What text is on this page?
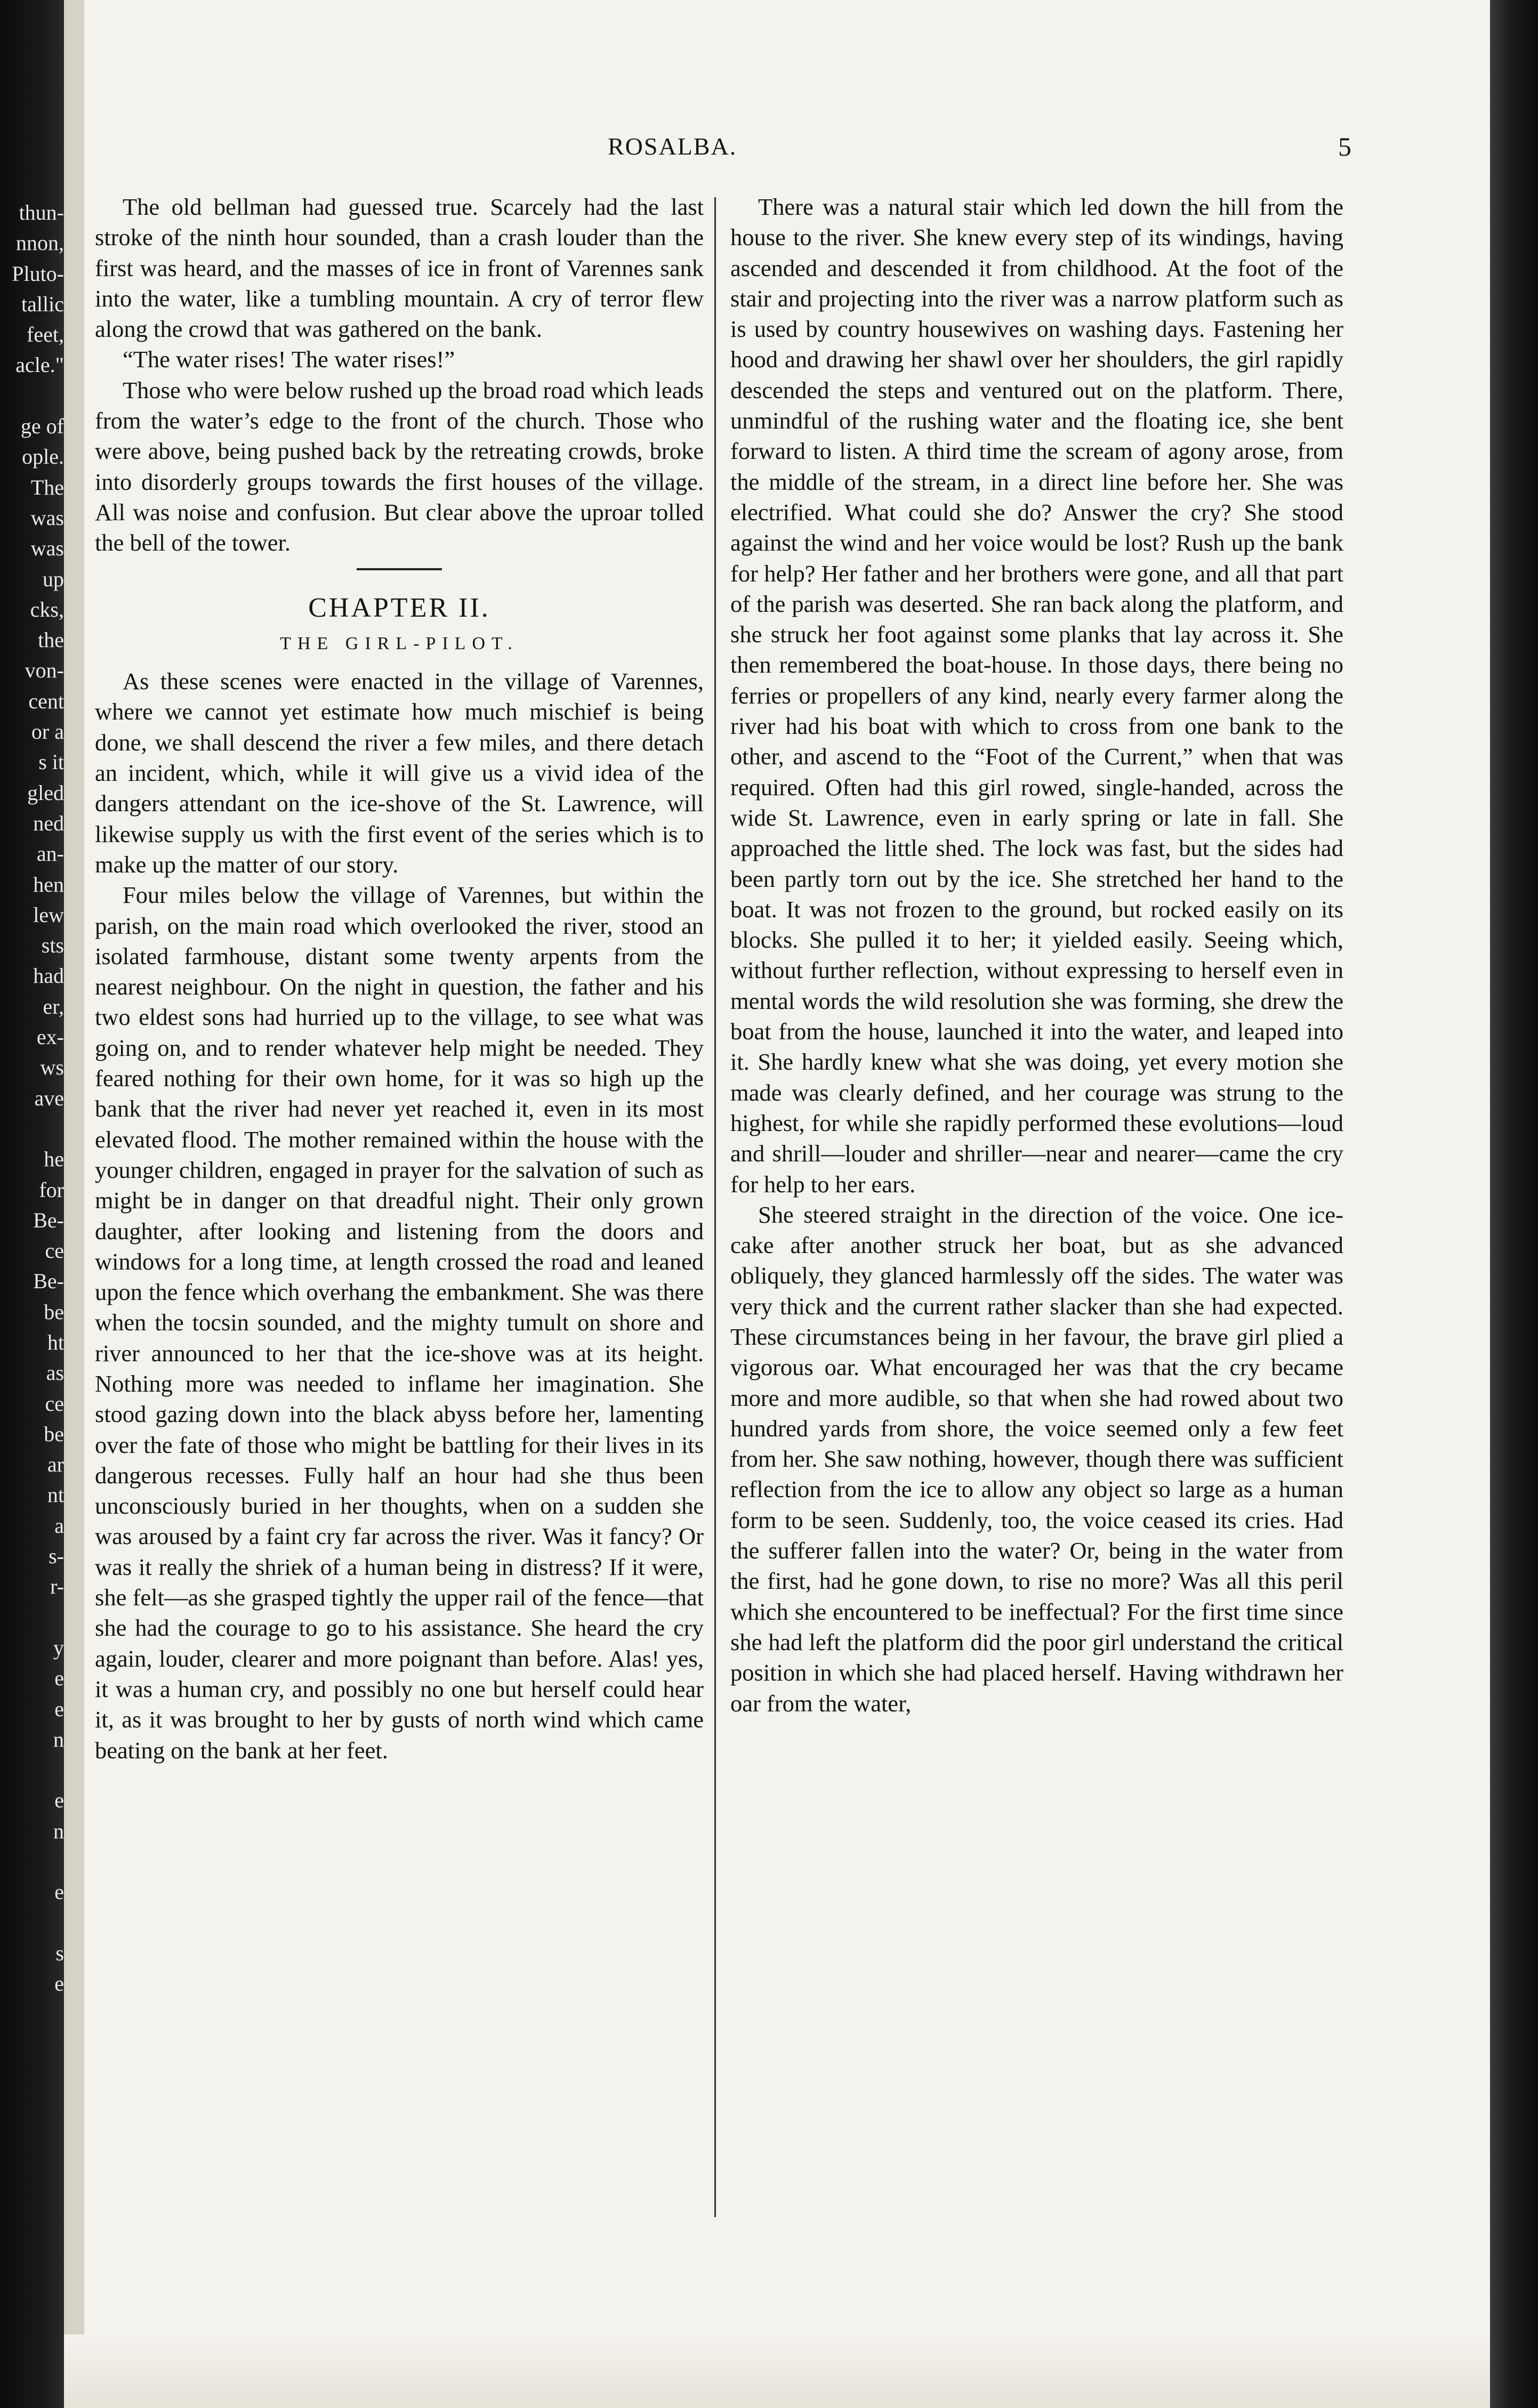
thun-
nnon,
Pluto-
tallic
feet,
acle."
ge of
ople.
The
was
was
up
cks,
the
von-
cent
or a
s it
gled
ned
an-
hen
lew
sts
had
er,
ex-
ws
ave
he
for
Be-
ce
Be-
be
ht
as
ce
be
ar
nt
a
s-
r-
y
e
e
n
e
n
e
s
e
ROSALBA.	5

The old bellman had guessed true. Scarcely had the last stroke of the ninth hour sounded, than a crash louder than the first was heard, and the masses of ice in front of Varennes sank into the water, like a tumbling mountain. A cry of terror flew along the crowd that was gathered on the bank.

“The water rises! The water rises!”

Those who were below rushed up the broad road which leads from the water’s edge to the front of the church. Those who were above, being pushed back by the retreating crowds, broke into disorderly groups towards the first houses of the village. All was noise and confusion. But clear above the uproar tolled the bell of the tower.

CHAPTER II.
THE GIRL-PILOT.

As these scenes were enacted in the village of Varennes, where we cannot yet estimate how much mischief is being done, we shall descend the river a few miles, and there detach an incident, which, while it will give us a vivid idea of the dangers attendant on the ice-shove of the St. Lawrence, will likewise supply us with the first event of the series which is to make up the matter of our story.

Four miles below the village of Varennes, but within the parish, on the main road which overlooked the river, stood an isolated farmhouse, distant some twenty arpents from the nearest neighbour. On the night in question, the father and his two eldest sons had hurried up to the village, to see what was going on, and to render whatever help might be needed. They feared nothing for their own home, for it was so high up the bank that the river had never yet reached it, even in its most elevated flood. The mother remained within the house with the younger children, engaged in prayer for the salvation of such as might be in danger on that dreadful night. Their only grown daughter, after looking and listening from the doors and windows for a long time, at length crossed the road and leaned upon the fence which overhang the embankment. She was there when the tocsin sounded, and the mighty tumult on shore and river announced to her that the ice-shove was at its height. Nothing more was needed to inflame her imagination. She stood gazing down into the black abyss before her, lamenting over the fate of those who might be battling for their lives in its dangerous recesses. Fully half an hour had she thus been unconsciously buried in her thoughts, when on a sudden she was aroused by a faint cry far across the river. Was it fancy? Or was it really the shriek of a human being in distress? If it were, she felt—as she grasped tightly the upper rail of the fence—that she had the courage to go to his assistance. She heard the cry again, louder, clearer and more poignant than before. Alas! yes, it was a human cry, and possibly no one but herself could hear it, as it was brought to her by gusts of north wind which came beating on the bank at her feet.

There was a natural stair which led down the hill from the house to the river. She knew every step of its windings, having ascended and descended it from childhood. At the foot of the stair and projecting into the river was a narrow platform such as is used by country housewives on washing days. Fastening her hood and drawing her shawl over her shoulders, the girl rapidly descended the steps and ventured out on the platform. There, unmindful of the rushing water and the floating ice, she bent forward to listen. A third time the scream of agony arose, from the middle of the stream, in a direct line before her. She was electrified. What could she do? Answer the cry? She stood against the wind and her voice would be lost? Rush up the bank for help? Her father and her brothers were gone, and all that part of the parish was deserted. She ran back along the platform, and she struck her foot against some planks that lay across it. She then remembered the boat-house. In those days, there being no ferries or propellers of any kind, nearly every farmer along the river had his boat with which to cross from one bank to the other, and ascend to the “Foot of the Current,” when that was required. Often had this girl rowed, single-handed, across the wide St. Lawrence, even in early spring or late in fall. She approached the little shed. The lock was fast, but the sides had been partly torn out by the ice. She stretched her hand to the boat. It was not frozen to the ground, but rocked easily on its blocks. She pulled it to her; it yielded easily. Seeing which, without further reflection, without expressing to herself even in mental words the wild resolution she was forming, she drew the boat from the house, launched it into the water, and leaped into it. She hardly knew what she was doing, yet every motion she made was clearly defined, and her courage was strung to the highest, for while she rapidly performed these evolutions—loud and shrill—louder and shriller—near and nearer—came the cry for help to her ears.

She steered straight in the direction of the voice. One ice-cake after another struck her boat, but as she advanced obliquely, they glanced harmlessly off the sides. The water was very thick and the current rather slacker than she had expected. These circumstances being in her favour, the brave girl plied a vigorous oar. What encouraged her was that the cry became more and more audible, so that when she had rowed about two hundred yards from shore, the voice seemed only a few feet from her. She saw nothing, however, though there was sufficient reflection from the ice to allow any object so large as a human form to be seen. Suddenly, too, the voice ceased its cries. Had the sufferer fallen into the water? Or, being in the water from the first, had he gone down, to rise no more? Was all this peril which she encountered to be ineffectual? For the first time since she had left the platform did the poor girl understand the critical position in which she had placed herself. Having withdrawn her oar from the water,
